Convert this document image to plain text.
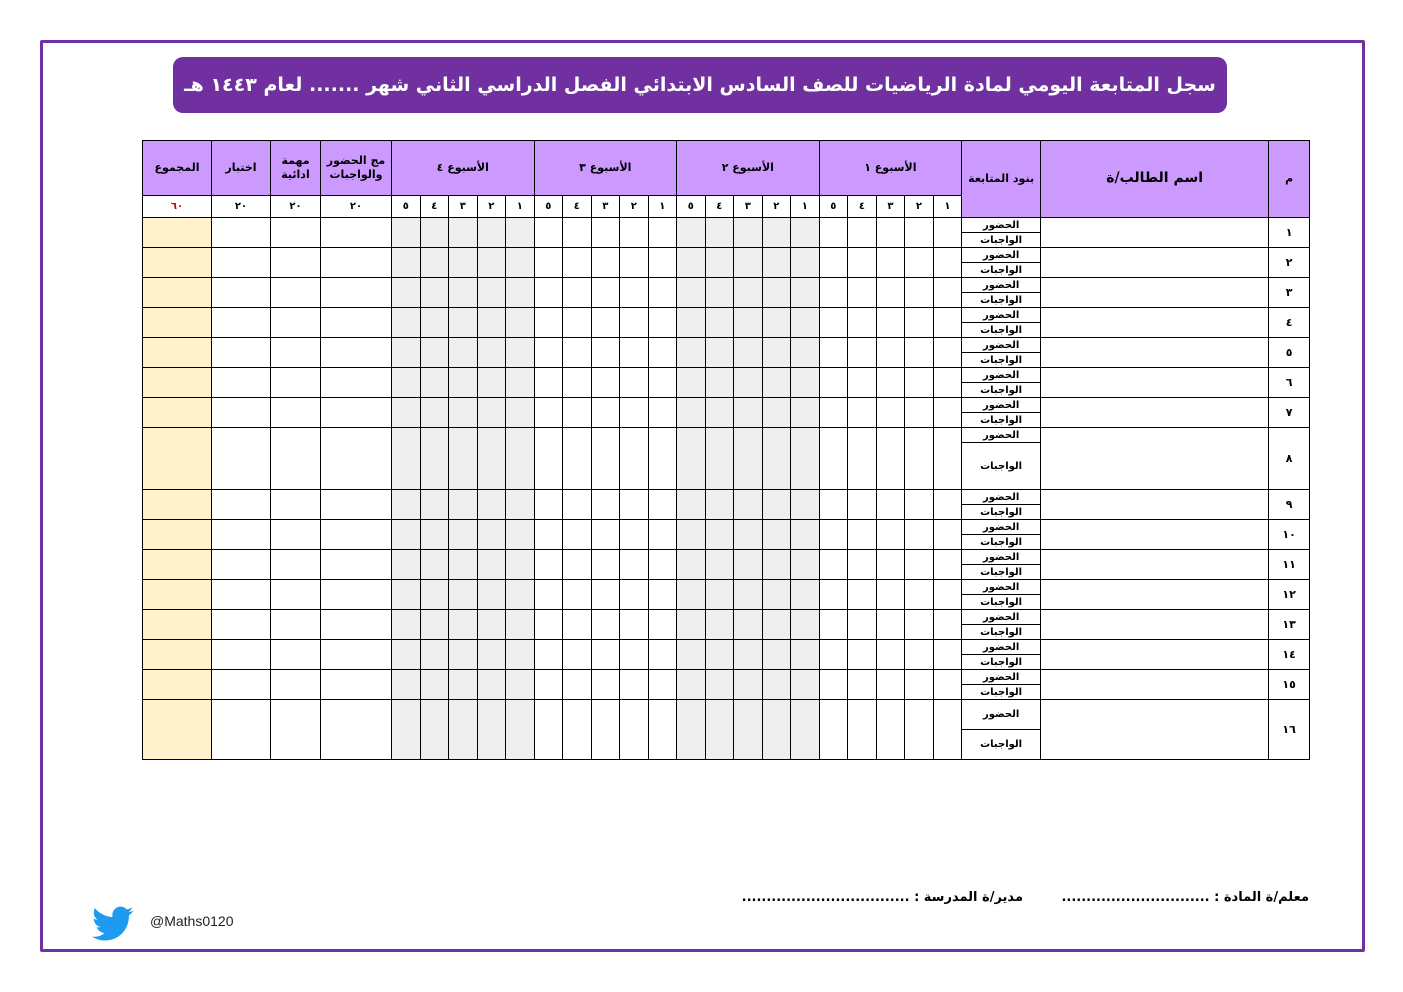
سجل المتابعة اليومي لمادة الرياضيات للصف السادس الابتدائي الفصل الدراسي الثاني شهر ....... لعام ١٤٤٣ هـ
م	اسم الطالب/ة	بنود المتابعة	الأسبوع ١					الأسبوع ٢					الأسبوع ٣					الأسبوع ٤					مج الحضور والواجبات	مهمة ادائية	اختبار	المجموع
			١	٢	٣	٤	٥	١	٢	٣	٤	٥	١	٢	٣	٤	٥	١	٢	٣	٤	٥	٢٠	٢٠	٢٠	٦٠
١		الحضور																								
		الواجبات																								
٢		الحضور																								
		الواجبات																								
٣		الحضور																								
		الواجبات																								
٤		الحضور																								
		الواجبات																								
٥		الحضور																								
		الواجبات																								
٦		الحضور																								
		الواجبات																								
٧		الحضور																								
		الواجبات																								
٨		الحضور																								
		الواجبات																								
٩		الحضور																								
		الواجبات																								
١٠		الحضور																								
		الواجبات																								
١١		الحضور																								
		الواجبات																								
١٢		الحضور																								
		الواجبات																								
١٣		الحضور																								
		الواجبات																								
١٤		الحضور																								
		الواجبات																								
١٥		الحضور																								
		الواجبات																								
١٦		الحضور																								
		الواجبات																								
معلم/ة المادة : ..............................
مدير/ة المدرسة : ..................................
@Maths0120
